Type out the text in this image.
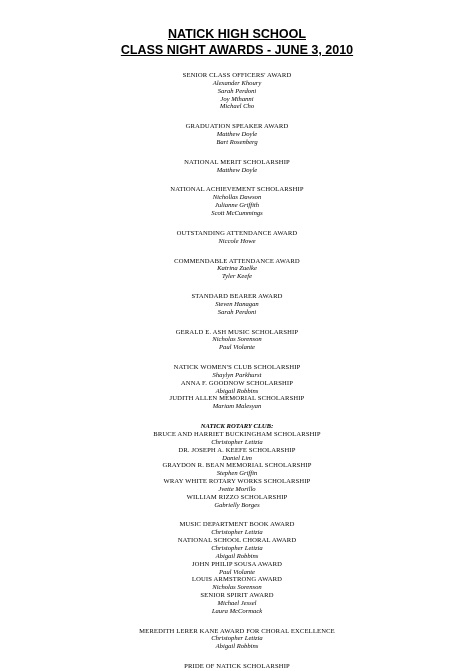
NATICK HIGH SCHOOL
CLASS NIGHT AWARDS - JUNE 3, 2010
SENIOR CLASS OFFICERS' AWARD
Alexander Khoury
Sarah Perdoni
Joy Mihanni
Michael Cho
GRADUATION SPEAKER AWARD
Matthew Doyle
Bart Rosenberg
NATIONAL MERIT SCHOLARSHIP
Matthew Doyle
NATIONAL ACHIEVEMENT SCHOLARSHIP
Nichollas Dawson
Julianne Griffith
Scott McCummings
OUTSTANDING ATTENDANCE AWARD
Niccole Howe
COMMENDABLE ATTENDANCE AWARD
Katrina Zuelke
Tyler Keefe
STANDARD BEARER AWARD
Steven Hanagan
Sarah Perdoni
GERALD E. ASH MUSIC SCHOLARSHIP
Nicholas Sorenson
Paul Violante
NATICK WOMEN'S CLUB SCHOLARSHIP
Shaylyn Parkhurst
ANNA F. GOODNOW SCHOLARSHIP
Abigail Robbins
JUDITH ALLEN MEMORIAL SCHOLARSHIP
Mariam Malesyan
NATICK ROTARY CLUB:
BRUCE AND HARRIET BUCKINGHAM SCHOLARSHIP
Christopher Letizia
DR. JOSEPH A. KEEFE SCHOLARSHIP
Daniel Lim
GRAYDON R. BEAN MEMORIAL SCHOLARSHIP
Stephen Griffin
WRAY WHITE ROTARY WORKS SCHOLARSHIP
Jvette Morillo
WILLIAM RIZZO SCHOLARSHIP
Gabrielly Borges
MUSIC DEPARTMENT BOOK AWARD
Christopher Letizia
NATIONAL SCHOOL CHORAL AWARD
Christopher Letizia
Abigail Robbins
JOHN PHILIP SOUSA AWARD
Paul Violante
LOUIS ARMSTRONG AWARD
Nicholas Sorenson
SENIOR SPIRIT AWARD
Michael Jessel
Laura McCormack
MEREDITH LERER KANE AWARD FOR CHORAL EXCELLENCE
Christopher Letizia
Abigail Robbins
PRIDE OF NATICK SCHOLARSHIP
